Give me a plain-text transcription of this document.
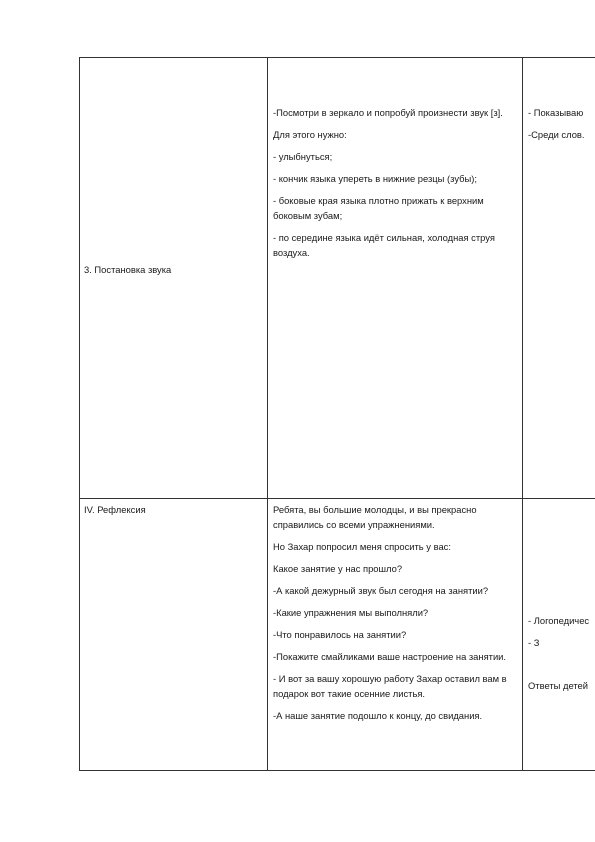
3. Постановка звука

-Посмотри в зеркало и попробуй произнести звук [з].

Для этого нужно:

- улыбнуться;

- кончик языка упереть в нижние резцы (зубы);

- боковые края языка плотно прижать к верхним боковым зубам;

- по середине языка идёт сильная, холодная струя воздуха.

- Показываю

-Среди слов.

IV. Рефлексия	Ребята, вы большие молодцы, и вы прекрасно справились со всеми упражнениями.

Но Захар попросил меня спросить у вас:

Какое занятие у нас прошло?

-А какой дежурный звук был сегодня на занятии?

-Какие упражнения мы выполняли?

-Что понравилось на занятии?

-Покажите смайликами ваше настроение на занятии.

- И вот за вашу хорошую работу Захар оставил вам в подарок вот такие осенние листья.

-А наше занятие подошло к концу, до свидания.

- Логопедичес

- З

Ответы детей
